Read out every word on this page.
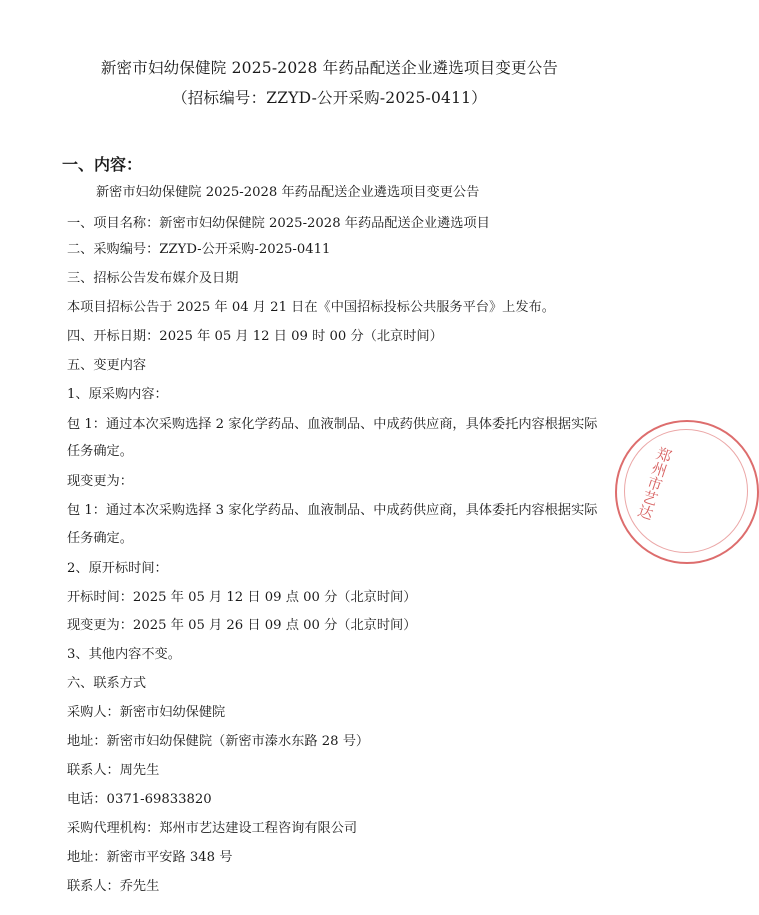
新密市妇幼保健院 2025-2028 年药品配送企业遴选项目变更公告
（招标编号：ZZYD-公开采购-2025-0411）
一、内容：
新密市妇幼保健院 2025-2028 年药品配送企业遴选项目变更公告
一、项目名称：新密市妇幼保健院 2025-2028 年药品配送企业遴选项目
二、采购编号：ZZYD-公开采购-2025-0411
三、招标公告发布媒介及日期
本项目招标公告于 2025 年 04 月 21 日在《中国招标投标公共服务平台》上发布。
四、开标日期：2025 年 05 月 12 日 09 时 00 分（北京时间）
五、变更内容
1、原采购内容：
包 1：通过本次采购选择 2 家化学药品、血液制品、中成药供应商，具体委托内容根据实际
任务确定。
现变更为：
包 1：通过本次采购选择 3 家化学药品、血液制品、中成药供应商，具体委托内容根据实际
任务确定。
2、原开标时间：
开标时间：2025 年 05 月 12 日 09 点 00 分（北京时间）
现变更为：2025 年 05 月 26 日 09 点 00 分（北京时间）
3、其他内容不变。
六、联系方式
采购人：新密市妇幼保健院
地址：新密市妇幼保健院（新密市溱水东路 28 号）
联系人：周先生
电话：0371-69833820
采购代理机构：郑州市艺达建设工程咨询有限公司
地址：新密市平安路 348 号
联系人：乔先生
郑州市艺达
